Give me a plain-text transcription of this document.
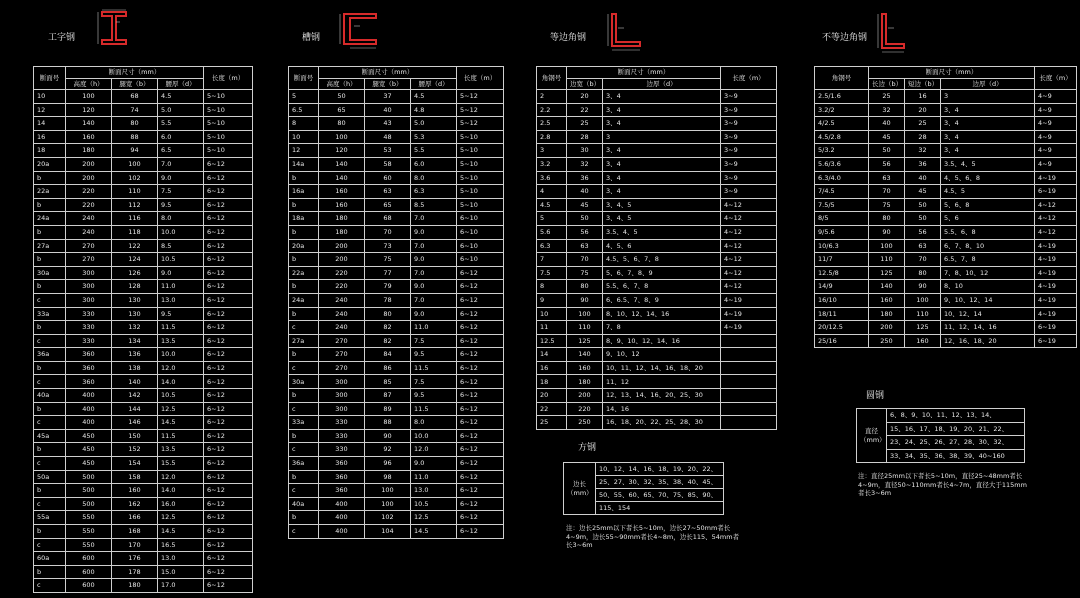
工字钢
断面号	断面尺寸（mm）			长度（m）
	高度（h）	腿宽（b）	腰厚（d）	
10	100	68	4.5	5~10
12	120	74	5.0	5~10
14	140	80	5.5	5~10
16	160	88	6.0	5~10
18	180	94	6.5	5~10
20a	200	100	7.0	6~12
b	200	102	9.0	6~12
22a	220	110	7.5	6~12
b	220	112	9.5	6~12
24a	240	116	8.0	6~12
b	240	118	10.0	6~12
27a	270	122	8.5	6~12
b	270	124	10.5	6~12
30a	300	126	9.0	6~12
b	300	128	11.0	6~12
c	300	130	13.0	6~12
33a	330	130	9.5	6~12
b	330	132	11.5	6~12
c	330	134	13.5	6~12
36a	360	136	10.0	6~12
b	360	138	12.0	6~12
c	360	140	14.0	6~12
40a	400	142	10.5	6~12
b	400	144	12.5	6~12
c	400	146	14.5	6~12
45a	450	150	11.5	6~12
b	450	152	13.5	6~12
c	450	154	15.5	6~12
50a	500	158	12.0	6~12
b	500	160	14.0	6~12
c	500	162	16.0	6~12
55a	550	166	12.5	6~12
b	550	168	14.5	6~12
c	550	170	16.5	6~12
60a	600	176	13.0	6~12
b	600	178	15.0	6~12
c	600	180	17.0	6~12
槽钢
断面号	断面尺寸（mm）			长度（m）
	高度（h）	腿宽（b）	腰厚（d）	
5	50	37	4.5	5~12
6.5	65	40	4.8	5~12
8	80	43	5.0	5~12
10	100	48	5.3	5~10
12	120	53	5.5	5~10
14a	140	58	6.0	5~10
b	140	60	8.0	5~10
16a	160	63	6.3	5~10
b	160	65	8.5	5~10
18a	180	68	7.0	6~10
b	180	70	9.0	6~10
20a	200	73	7.0	6~10
b	200	75	9.0	6~10
22a	220	77	7.0	6~12
b	220	79	9.0	6~12
24a	240	78	7.0	6~12
b	240	80	9.0	6~12
c	240	82	11.0	6~12
27a	270	82	7.5	6~12
b	270	84	9.5	6~12
c	270	86	11.5	6~12
30a	300	85	7.5	6~12
b	300	87	9.5	6~12
c	300	89	11.5	6~12
33a	330	88	8.0	6~12
b	330	90	10.0	6~12
c	330	92	12.0	6~12
36a	360	96	9.0	6~12
b	360	98	11.0	6~12
c	360	100	13.0	6~12
40a	400	100	10.5	6~12
b	400	102	12.5	6~12
c	400	104	14.5	6~12
等边角钢
角钢号	断面尺寸（mm）		长度（m）
	边宽（b）	边厚（d）	
2	20	3、4	3~9
2.2	22	3、4	3~9
2.5	25	3、4	3~9
2.8	28	3	3~9
3	30	3、4	3~9
3.2	32	3、4	3~9
3.6	36	3、4	3~9
4	40	3、4	3~9
4.5	45	3、4、5	4~12
5	50	3、4、5	4~12
5.6	56	3.5、4、5	4~12
6.3	63	4、5、6	4~12
7	70	4.5、5、6、7、8	4~12
7.5	75	5、6、7、8、9	4~12
8	80	5.5、6、7、8	4~12
9	90	6、6.5、7、8、9	4~19
10	100	8、10、12、14、16	4~19
11	110	7、8	4~19
12.5	125	8、9、10、12、14、16	
14	140	9、10、12	
16	160	10、11、12、14、16、18、20	
18	180	11、12	
20	200	12、13、14、16、20、25、30	
22	220	14、16	
25	250	16、18、20、22、25、28、30	
不等边角钢
角钢号	断面尺寸（mm）			长度（m）
	长边（b）	短边（b）	边厚（d）	
2.5/1.6	25	16	3	4~9
3.2/2	32	20	3、4	4~9
4/2.5	40	25	3、4	4~9
4.5/2.8	45	28	3、4	4~9
5/3.2	50	32	3、4	4~9
5.6/3.6	56	36	3.5、4、5	4~9
6.3/4.0	63	40	4、5、6、8	4~19
7/4.5	70	45	4.5、5	6~19
7.5/5	75	50	5、6、8	4~12
8/5	80	50	5、6	4~12
9/5.6	90	56	5.5、6、8	4~12
10/6.3	100	63	6、7、8、10	4~19
11/7	110	70	6.5、7、8	4~19
12.5/8	125	80	7、8、10、12	4~19
14/9	140	90	8、10	4~19
16/10	160	100	9、10、12、14	4~19
18/11	180	110	10、12、14	4~19
20/12.5	200	125	11、12、14、16	6~19
25/16	250	160	12、16、18、20	6~19
方钢
边长（mm）	10、12、14、16、18、19、20、22、
25、27、30、32、35、38、40、45、
50、55、60、65、70、75、85、90、
115、154
注：边长25mm以下者长5~10m，边长27~50mm者长4~9m，边长55~90mm者长4~8m，边长115、54mm者长3~6m
圆钢
直径（mm）	6、8、9、10、11、12、13、14、
15、16、17、18、19、20、21、22、
23、24、25、26、27、28、30、32、
33、34、35、36、38、39、40~160
注：直径25mm以下者长5~10m，直径25~48mm者长4~9m，直径50~110mm者长4~7m，直径大于115mm者长3~6m
